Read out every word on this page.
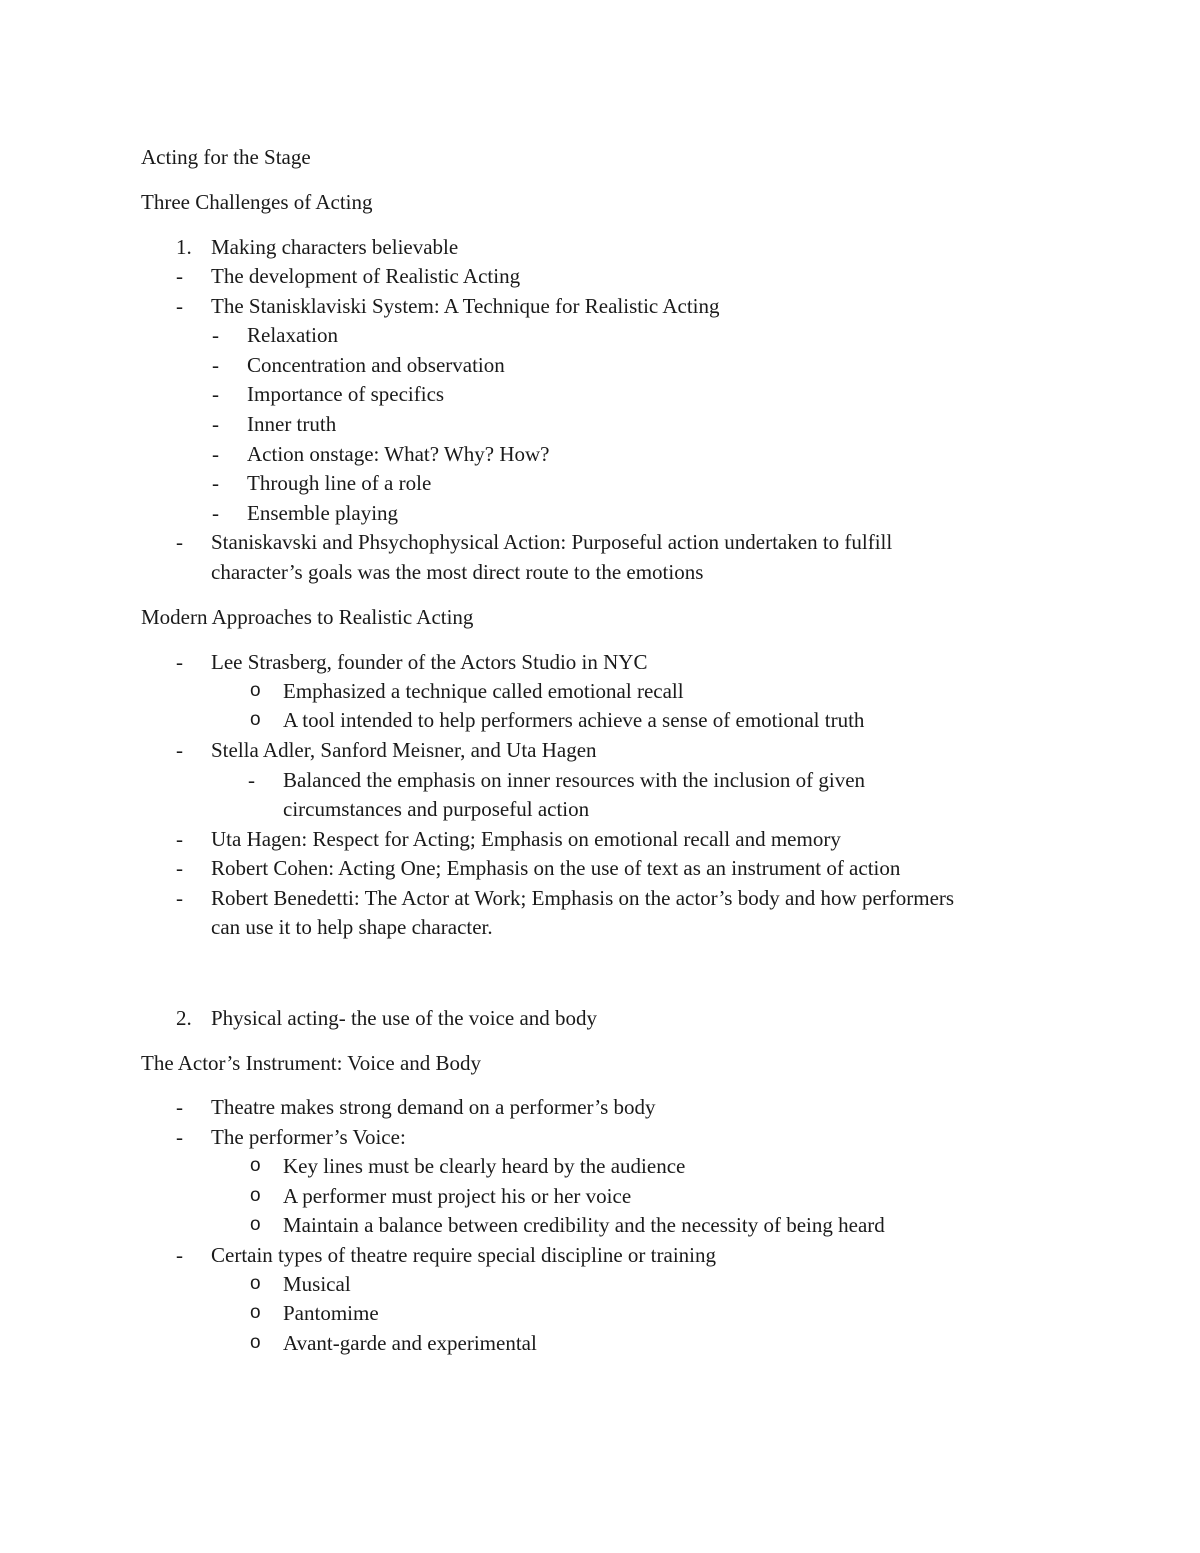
Acting for the Stage
Three Challenges of Acting
1. Making characters believable
- The development of Realistic Acting
- The Stanisklaviski System: A Technique for Realistic Acting
- Relaxation
- Concentration and observation
- Importance of specifics
- Inner truth
- Action onstage: What? Why? How?
- Through line of a role
- Ensemble playing
- Staniskavski and Phsychophysical Action: Purposeful action undertaken to fulfill
character’s goals was the most direct route to the emotions
Modern Approaches to Realistic Acting
- Lee Strasberg, founder of the Actors Studio in NYC
o Emphasized a technique called emotional recall
o A tool intended to help performers achieve a sense of emotional truth
- Stella Adler, Sanford Meisner, and Uta Hagen
- Balanced the emphasis on inner resources with the inclusion of given
circumstances and purposeful action
- Uta Hagen: Respect for Acting; Emphasis on emotional recall and memory
- Robert Cohen: Acting One; Emphasis on the use of text as an instrument of action
- Robert Benedetti: The Actor at Work; Emphasis on the actor’s body and how performers
can use it to help shape character.
2. Physical acting- the use of the voice and body
The Actor’s Instrument: Voice and Body
- Theatre makes strong demand on a performer’s body
- The performer’s Voice:
o Key lines must be clearly heard by the audience
o A performer must project his or her voice
o Maintain a balance between credibility and the necessity of being heard
- Certain types of theatre require special discipline or training
o Musical
o Pantomime
o Avant-garde and experimental
